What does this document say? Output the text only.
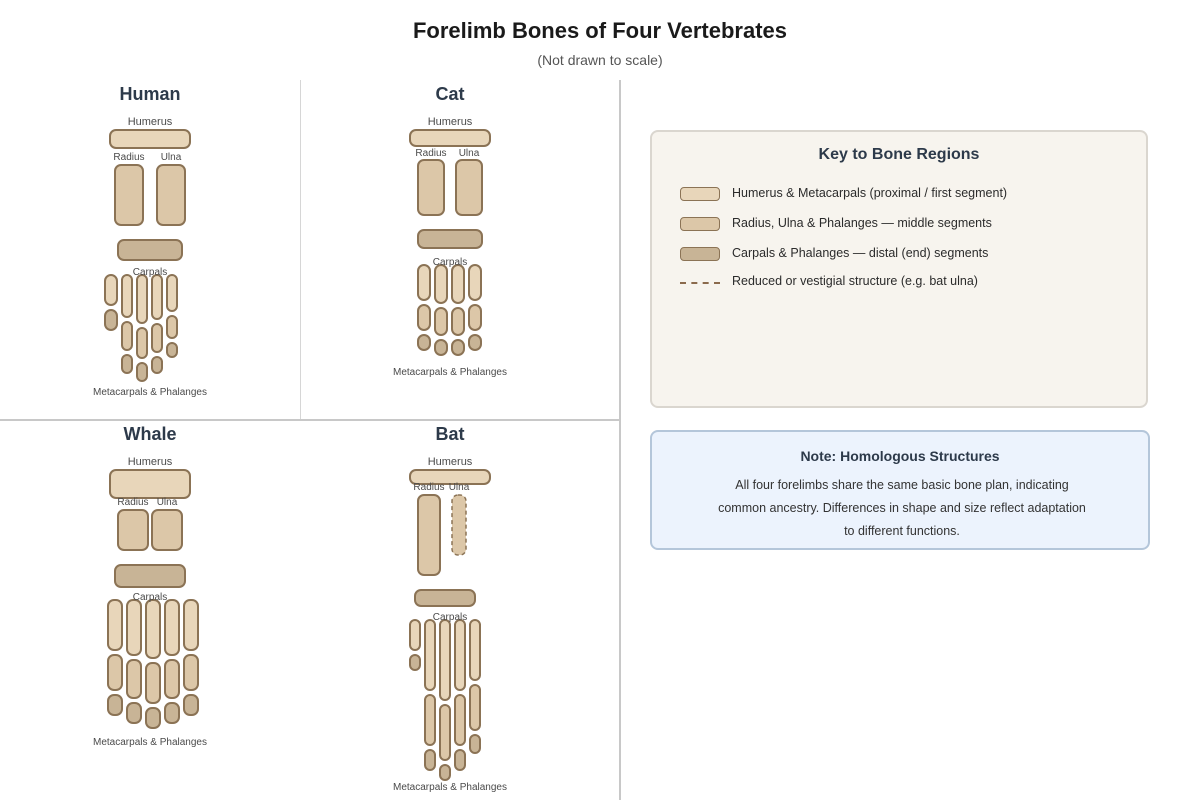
Forelimb Bones of Four Vertebrates
(Not drawn to scale)
Human
Humerus
Radius Ulna
Carpals
Metacarpals & Phalanges
Cat
Humerus
Radius Ulna
Carpals
Metacarpals & Phalanges
Whale
Humerus
Radius Ulna
Carpals
Metacarpals & Phalanges
Bat
Humerus
Radius Ulna
Carpals
Metacarpals & Phalanges
Key to Bone Regions
Humerus & Metacarpals (proximal / first segment)
Radius, Ulna & Phalanges — middle segments
Carpals & Phalanges — distal (end) segments
Reduced or vestigial structure (e.g. bat ulna)
Note: Homologous Structures
All four forelimbs share the same basic bone plan, indicating common ancestry. Differences in shape and size reflect adaptation to different functions.
